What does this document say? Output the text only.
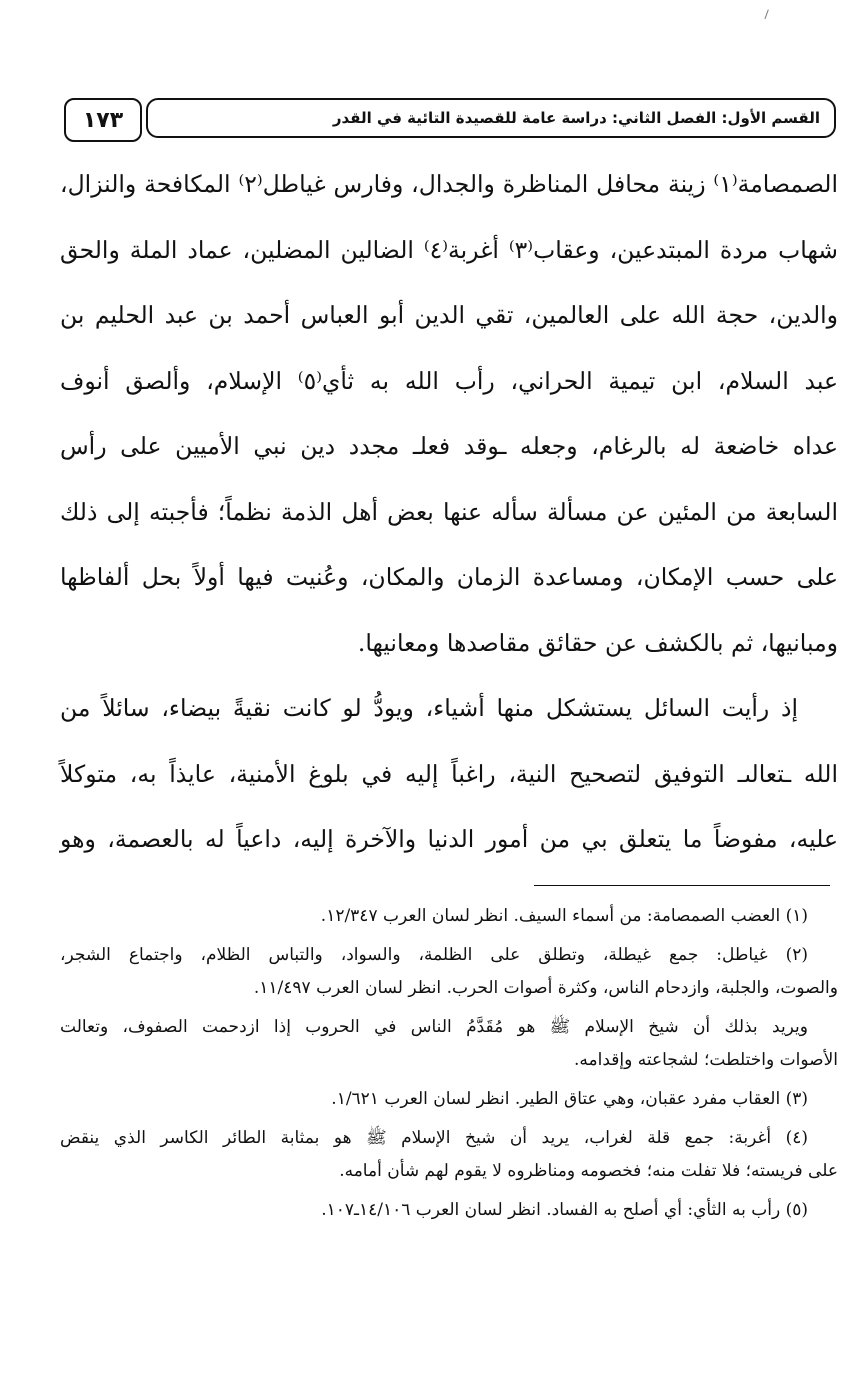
١٧٣	القسم الأول: الفصل الثاني: دراسة عامة للقصيدة التائية في القدر

الصمصامة⁽١⁾ زينة محافل المناظرة والجدال، وفارس غياطل⁽٢⁾ المكافحة والنزال،
شهاب مردة المبتدعين، وعقاب⁽٣⁾ أغربة⁽٤⁾ الضالين المضلين، عماد الملة والحق
والدين، حجة الله على العالمين، تقي الدين أبو العباس أحمد بن عبد الحليم بن
عبد السلام، ابن تيمية الحراني، رأب الله به ثأي⁽٥⁾ الإسلام، وألصق أنوف
عداه خاضعة له بالرغام، وجعله ـوقد فعلـ مجدد دين نبي الأميين على رأس
السابعة من المئين عن مسألة سأله عنها بعض أهل الذمة نظماً؛ فأجبته إلى ذلك
على حسب الإمكان، ومساعدة الزمان والمكان، وعُنيت فيها أولاً بحل ألفاظها
ومبانيها، ثم بالكشف عن حقائق مقاصدها ومعانيها.

إذ رأيت السائل يستشكل منها أشياء، ويودُّ لو كانت نقيةً بيضاء، سائلاً من
الله ـتعالىـ التوفيق لتصحيح النية، راغباً إليه في بلوغ الأمنية، عايذاً به، متوكلاً
عليه، مفوضاً ما يتعلق بي من أمور الدنيا والآخرة إليه، داعياً له بالعصمة، وهو

(١) العضب الصمصامة: من أسماء السيف. انظر لسان العرب ١٢/٣٤٧.
(٢) غياطل: جمع غيطلة، وتطلق على الظلمة، والسواد، والتباس الظلام، واجتماع الشجر،
والصوت، والجلبة، وازدحام الناس، وكثرة أصوات الحرب. انظر لسان العرب ١١/٤٩٧.
ويريد بذلك أن شيخ الإسلام ﷺ هو مُقَدَّمُ الناس في الحروب إذا ازدحمت الصفوف، وتعالت
الأصوات واختلطت؛ لشجاعته وإقدامه.
(٣) العقاب مفرد عقبان، وهي عتاق الطير. انظر لسان العرب ١/٦٢١.
(٤) أغربة: جمع قلة لغراب، يريد أن شيخ الإسلام ﷺ هو بمثابة الطائر الكاسر الذي ينقض
على فريسته؛ فلا تفلت منه؛ فخصومه ومناظروه لا يقوم لهم شأن أمامه.
(٥) رأب به الثأي: أي أصلح به الفساد. انظر لسان العرب ١٤/١٠٦ـ١٠٧.
